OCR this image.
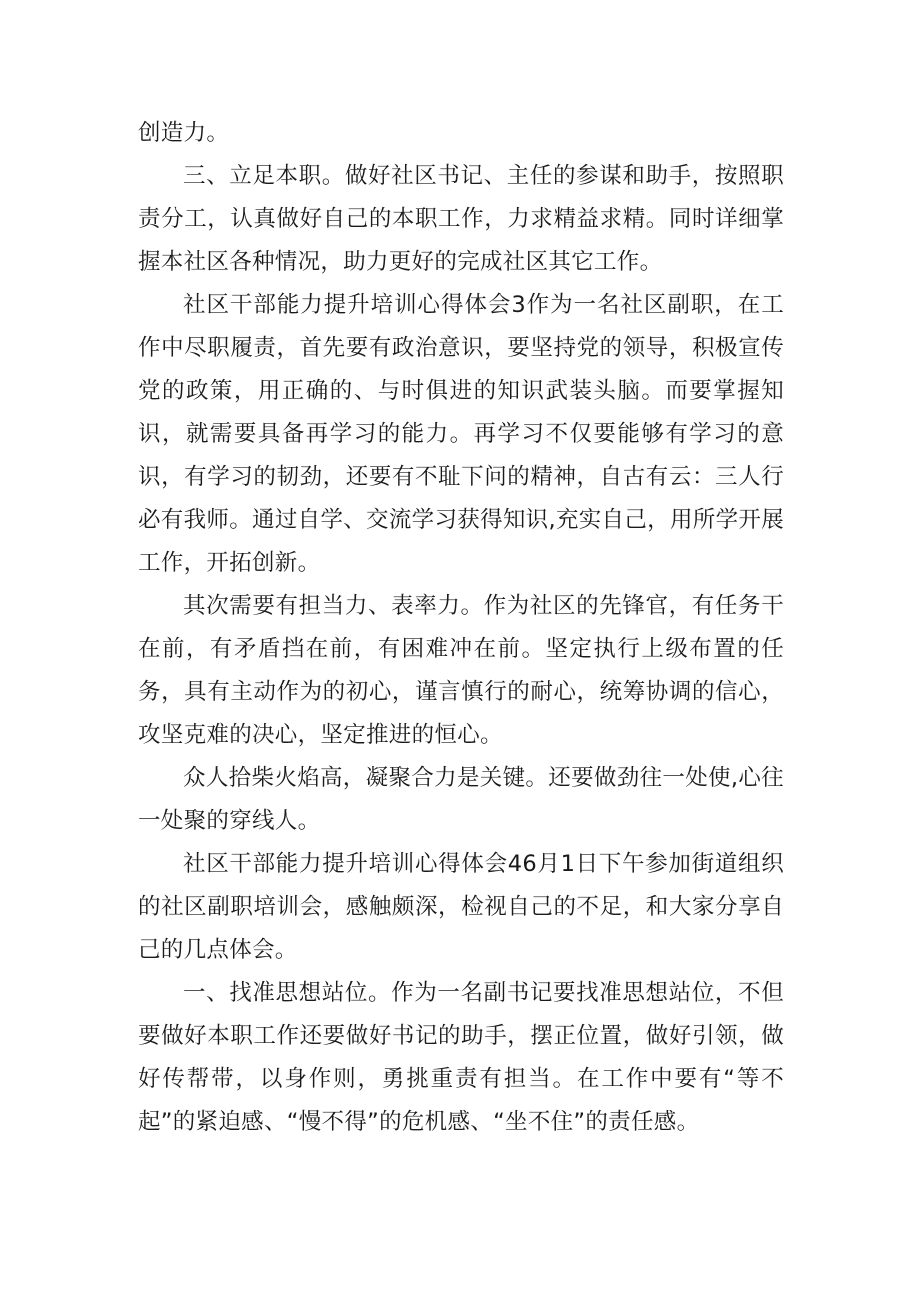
创造力。

三、立足本职。做好社区书记、主任的参谋和助手，按照职责分工，认真做好自己的本职工作，力求精益求精。同时详细掌握本社区各种情况，助力更好的完成社区其它工作。

社区干部能力提升培训心得体会3作为一名社区副职，在工作中尽职履责，首先要有政治意识，要坚持党的领导，积极宣传党的政策，用正确的、与时俱进的知识武装头脑。而要掌握知识，就需要具备再学习的能力。再学习不仅要能够有学习的意识，有学习的韧劲，还要有不耻下问的精神，自古有云：三人行必有我师。通过自学、交流学习获得知识,充实自己，用所学开展工作，开拓创新。

其次需要有担当力、表率力。作为社区的先锋官，有任务干在前，有矛盾挡在前，有困难冲在前。坚定执行上级布置的任务，具有主动作为的初心，谨言慎行的耐心，统筹协调的信心，攻坚克难的决心，坚定推进的恒心。

众人拾柴火焰高，凝聚合力是关键。还要做劲往一处使,心往一处聚的穿线人。

社区干部能力提升培训心得体会46月1日下午参加街道组织的社区副职培训会，感触颇深，检视自己的不足，和大家分享自己的几点体会。

一、找准思想站位。作为一名副书记要找准思想站位，不但要做好本职工作还要做好书记的助手，摆正位置，做好引领，做好传帮带，以身作则，勇挑重责有担当。在工作中要有“等不起”的紧迫感、“慢不得”的危机感、“坐不住”的责任感。
